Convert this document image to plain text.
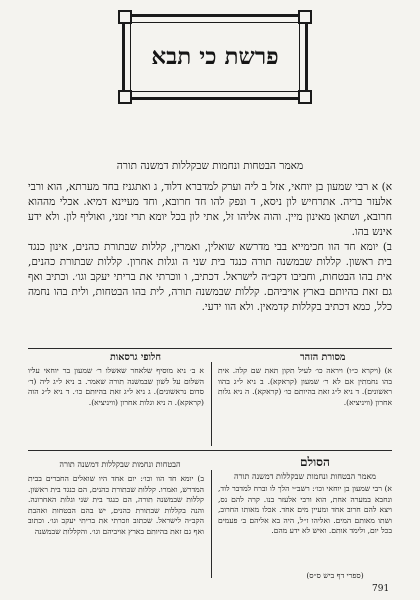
פרשת כי תבא
מאמר הבטחות ונחמות שבקללות דמשנה תורה

א) א רבי שמעון בן יוחאי, אזל ב ליה וערק למדברא דלוד, ג ואתגניז בחד מערתא, הוא ורבי אלעזר בריה. אתרחיש לון ניסא, ד ונפק להו חד חרובא, וחד מעיינא דמיא. אכלי מההוא חרובא, ושתאן מאינון מיין. והוה אליהו זל, אתי לון בכל יומא תרי זמני, ואוליף לון. ולא ידע אינש בהו.

ב) יומא חד הוו חכימייא בבי מדרשא שואלין, ואמרין, קללות שבתורת כהנים, אינון כנגד בית ראשון. קללות שבמשנה תורה כנגד בית שני ה וגלות אחרון. קללות שבתורת כהנים, אית בהו הבטחות, וחביבו דקב״ה לישראל. דכתיב, ו ווכרתי את בריתי יעקב וגו׳. וכתיב ואף גם זאת בהיותם בארץ אויביהם. קללות שבמשנה תורה, לית בהו הבטחות, ולית בהו נחמה כלל, כמא דכתיב בקללות קדמאין. ולא הוו ידעי.

חלופי גרסאות	מסורת הזהר
א ב׳ ניא מוסיף שלאחר שאשלו ר׳ שמעון בר יוחאי עליו השלום על לשון שבמשנה תורה שאמר. ב ניא ל״ג ליה (ד׳ סדום נראשונים). ג ניא ל״ג זאת בהיותם כו׳. ד ניא ל״ג הוה (קראקא). ה ניא וגלות אחרון (וויניציא).
א) (ויקרא כ״ו) ויראה כו׳ לעיל תקון תאת שם קלה. אית בהו נחמתין אם לא ר׳ שמעון (קראקא). ב ניא ל״ג בהוו ראשונים). ד ניא ל״ג זאת בהיותם כו׳ (קראקא). ה ניא גלות אחרון (וויניציא).
הסולם
הבטחות ונחמות שבקללות דמשנה תורה
מאמר הבטחות ונחמות שבקללות דמשנה תורה
ב) יומא חד הוו וכו׳: יום אחד היו שואלים החברים בבית המדרש, ואמרו. קללות שבתורת כהנים, הם כנגד בית ראשון. קללות שבמשנה תורה, הם כנגד בית שני וגלות האחרונה. והנה בקללות שבתורת כהנים, יש בהם הבטחות ואהבת הקב״ה לישראל. שכתוב וזכרתי את בריתי יעקב וגו׳. וכתוב ואף גם זאת בהיותם בארץ אויביהם וגו׳. והקללות שבמשנה
א) רבי שמעון בן יוחאי וכו׳: רשב״י הלך לו וברח למדבר לוד, ונחבא במערה אחת, הוא ורבי אלעזר בנו. קרה להם נס, ויצא להם חרוב אחד ומעיין מים אחד. אכלו מאותו החרוב, ושתו מאותם המים. ואליהו ז״ל, היה בא אליהם ב׳ פעמים בכל יום, ולימד אותם. ואיש לא ידע מהם.
(ספרי דף ביש ס״ס)
791
